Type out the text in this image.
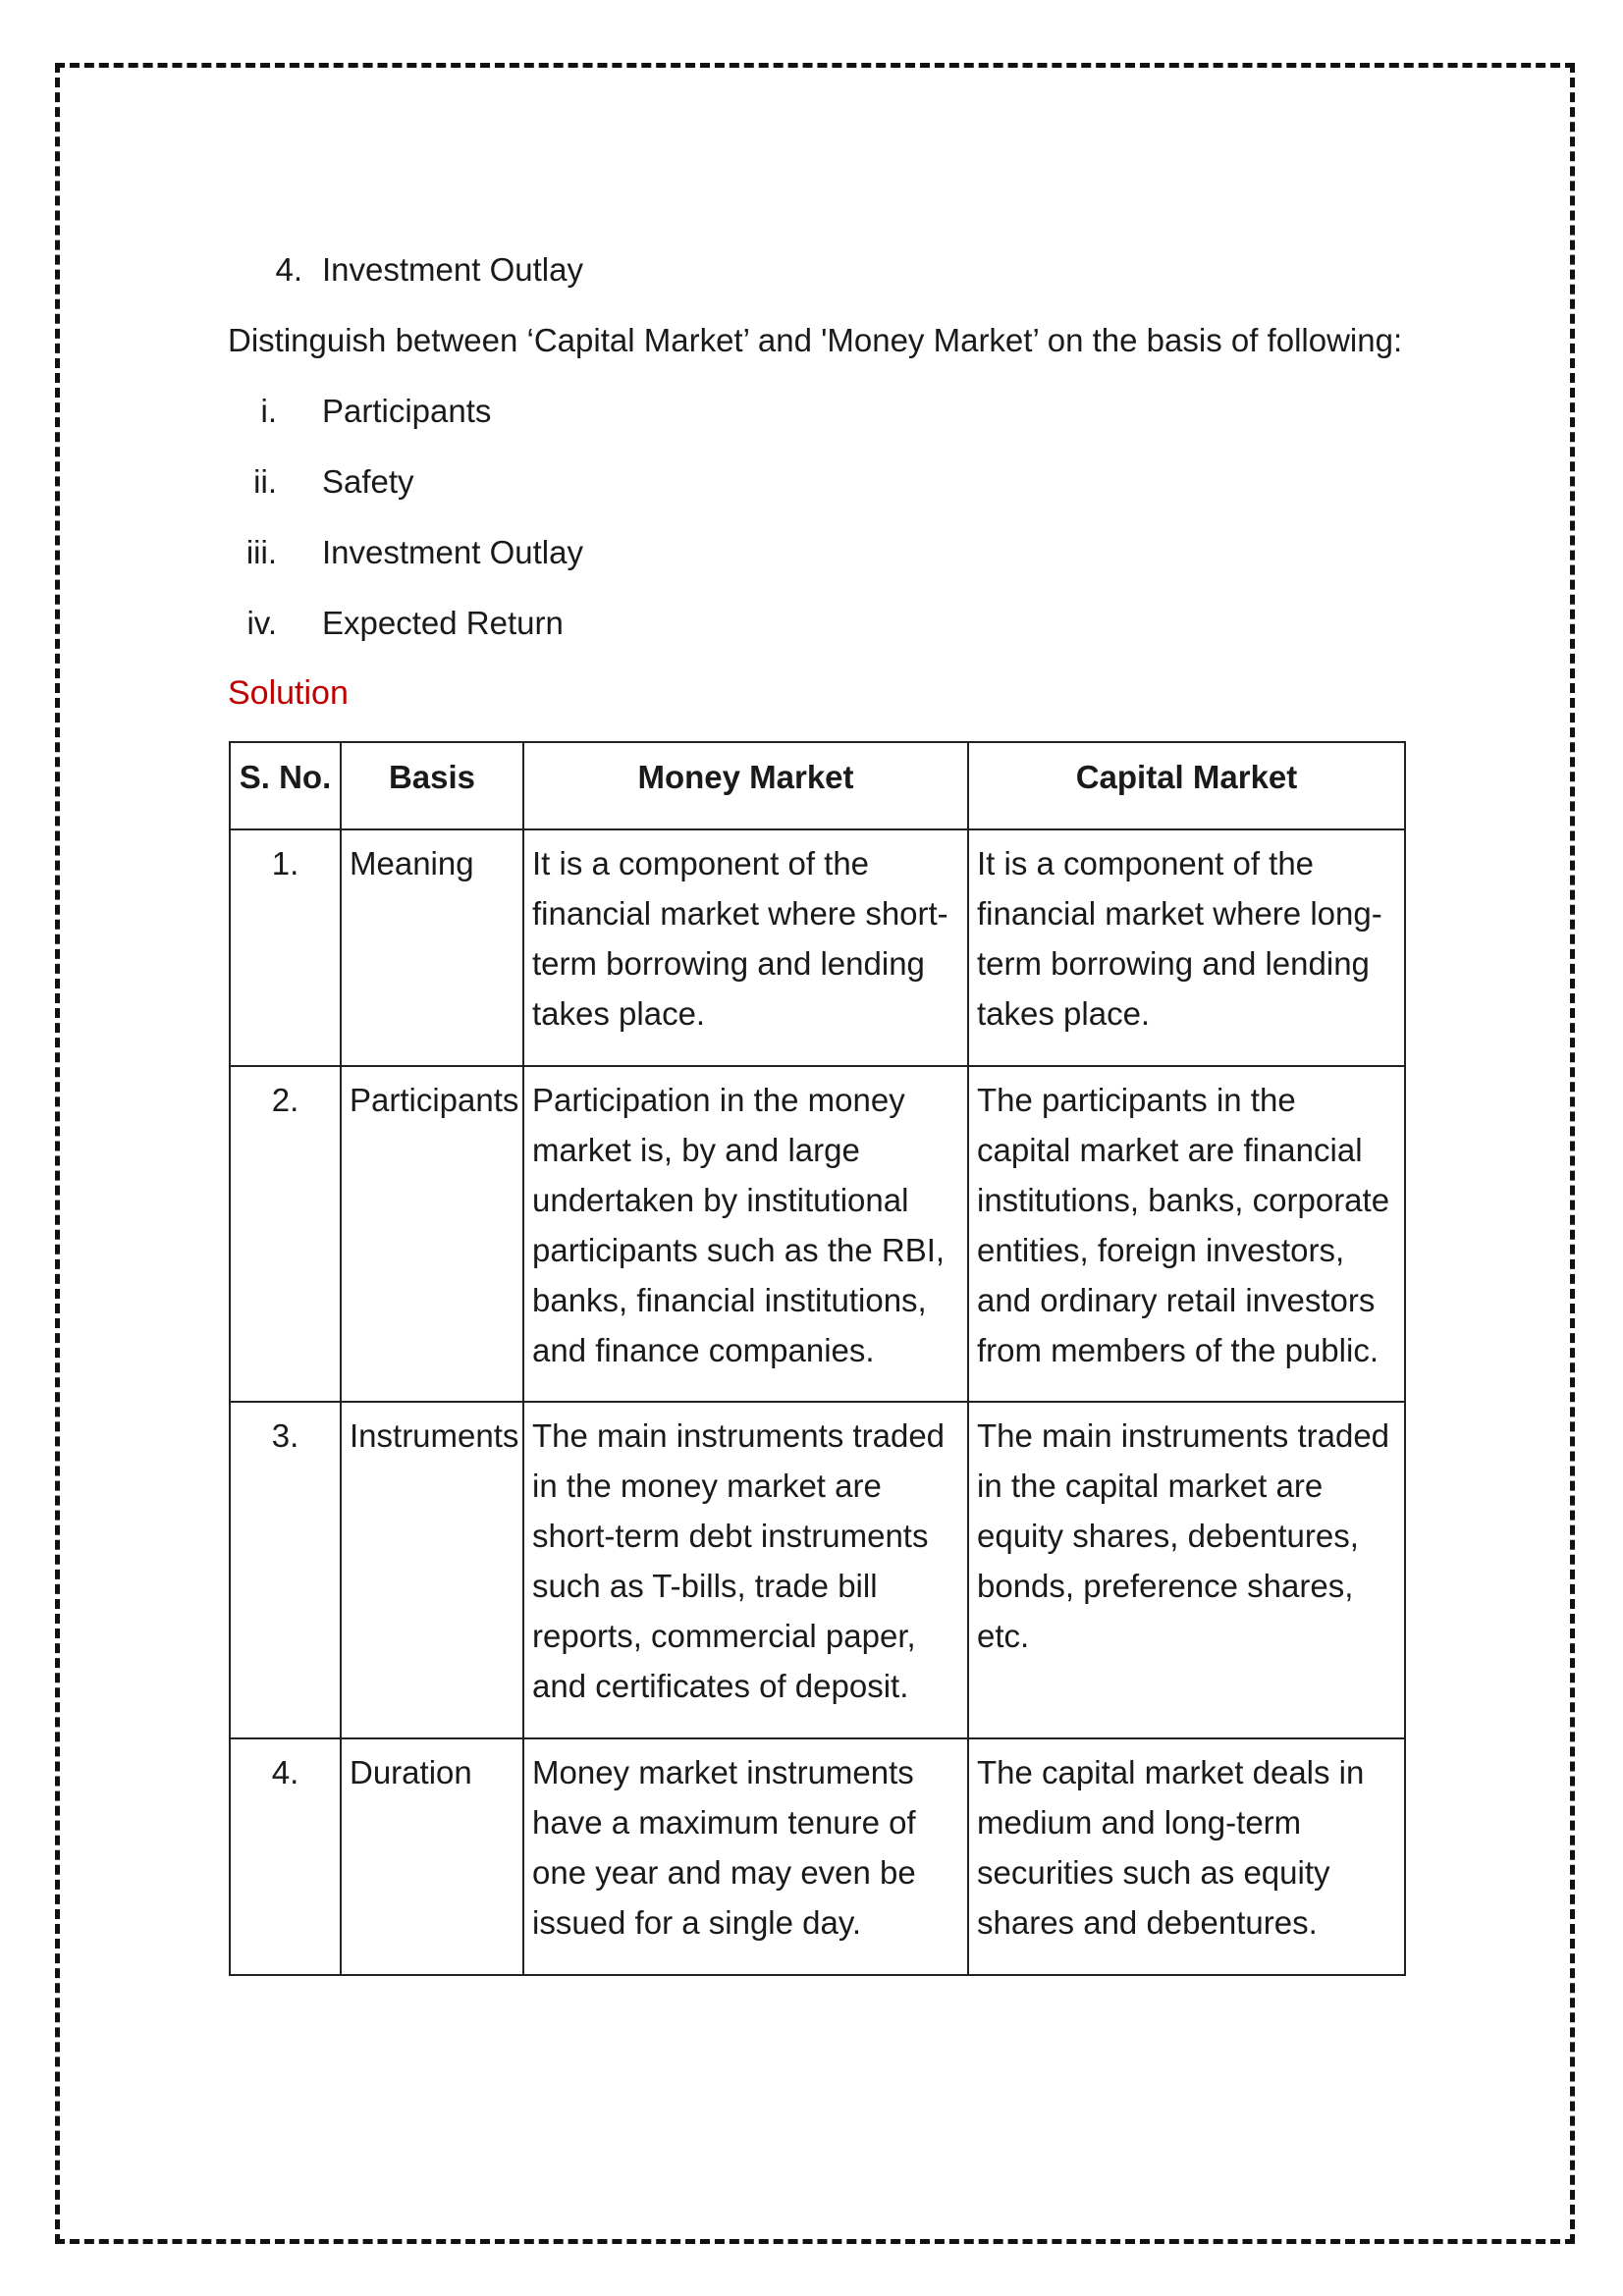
4. Investment Outlay
Distinguish between ‘Capital Market’ and 'Money Market’ on the basis of following:
i. Participants
ii. Safety
iii. Investment Outlay
iv. Expected Return
Solution
S. No.	Basis	Money Market	Capital Market
1.	Meaning	It is a component of the financial market where short-term borrowing and lending takes place.	It is a component of the financial market where long-term borrowing and lending takes place.
2.	Participants	Participation in the money market is, by and large undertaken by institutional participants such as the RBI, banks, financial institutions, and finance companies.	The participants in the capital market are financial institutions, banks, corporate entities, foreign investors, and ordinary retail investors from members of the public.
3.	Instruments	The main instruments traded in the money market are short-term debt instruments such as T-bills, trade bill reports, commercial paper, and certificates of deposit.	The main instruments traded in the capital market are equity shares, debentures, bonds, preference shares, etc.
4.	Duration	Money market instruments have a maximum tenure of one year and may even be issued for a single day.	The capital market deals in medium and long-term securities such as equity shares and debentures.
